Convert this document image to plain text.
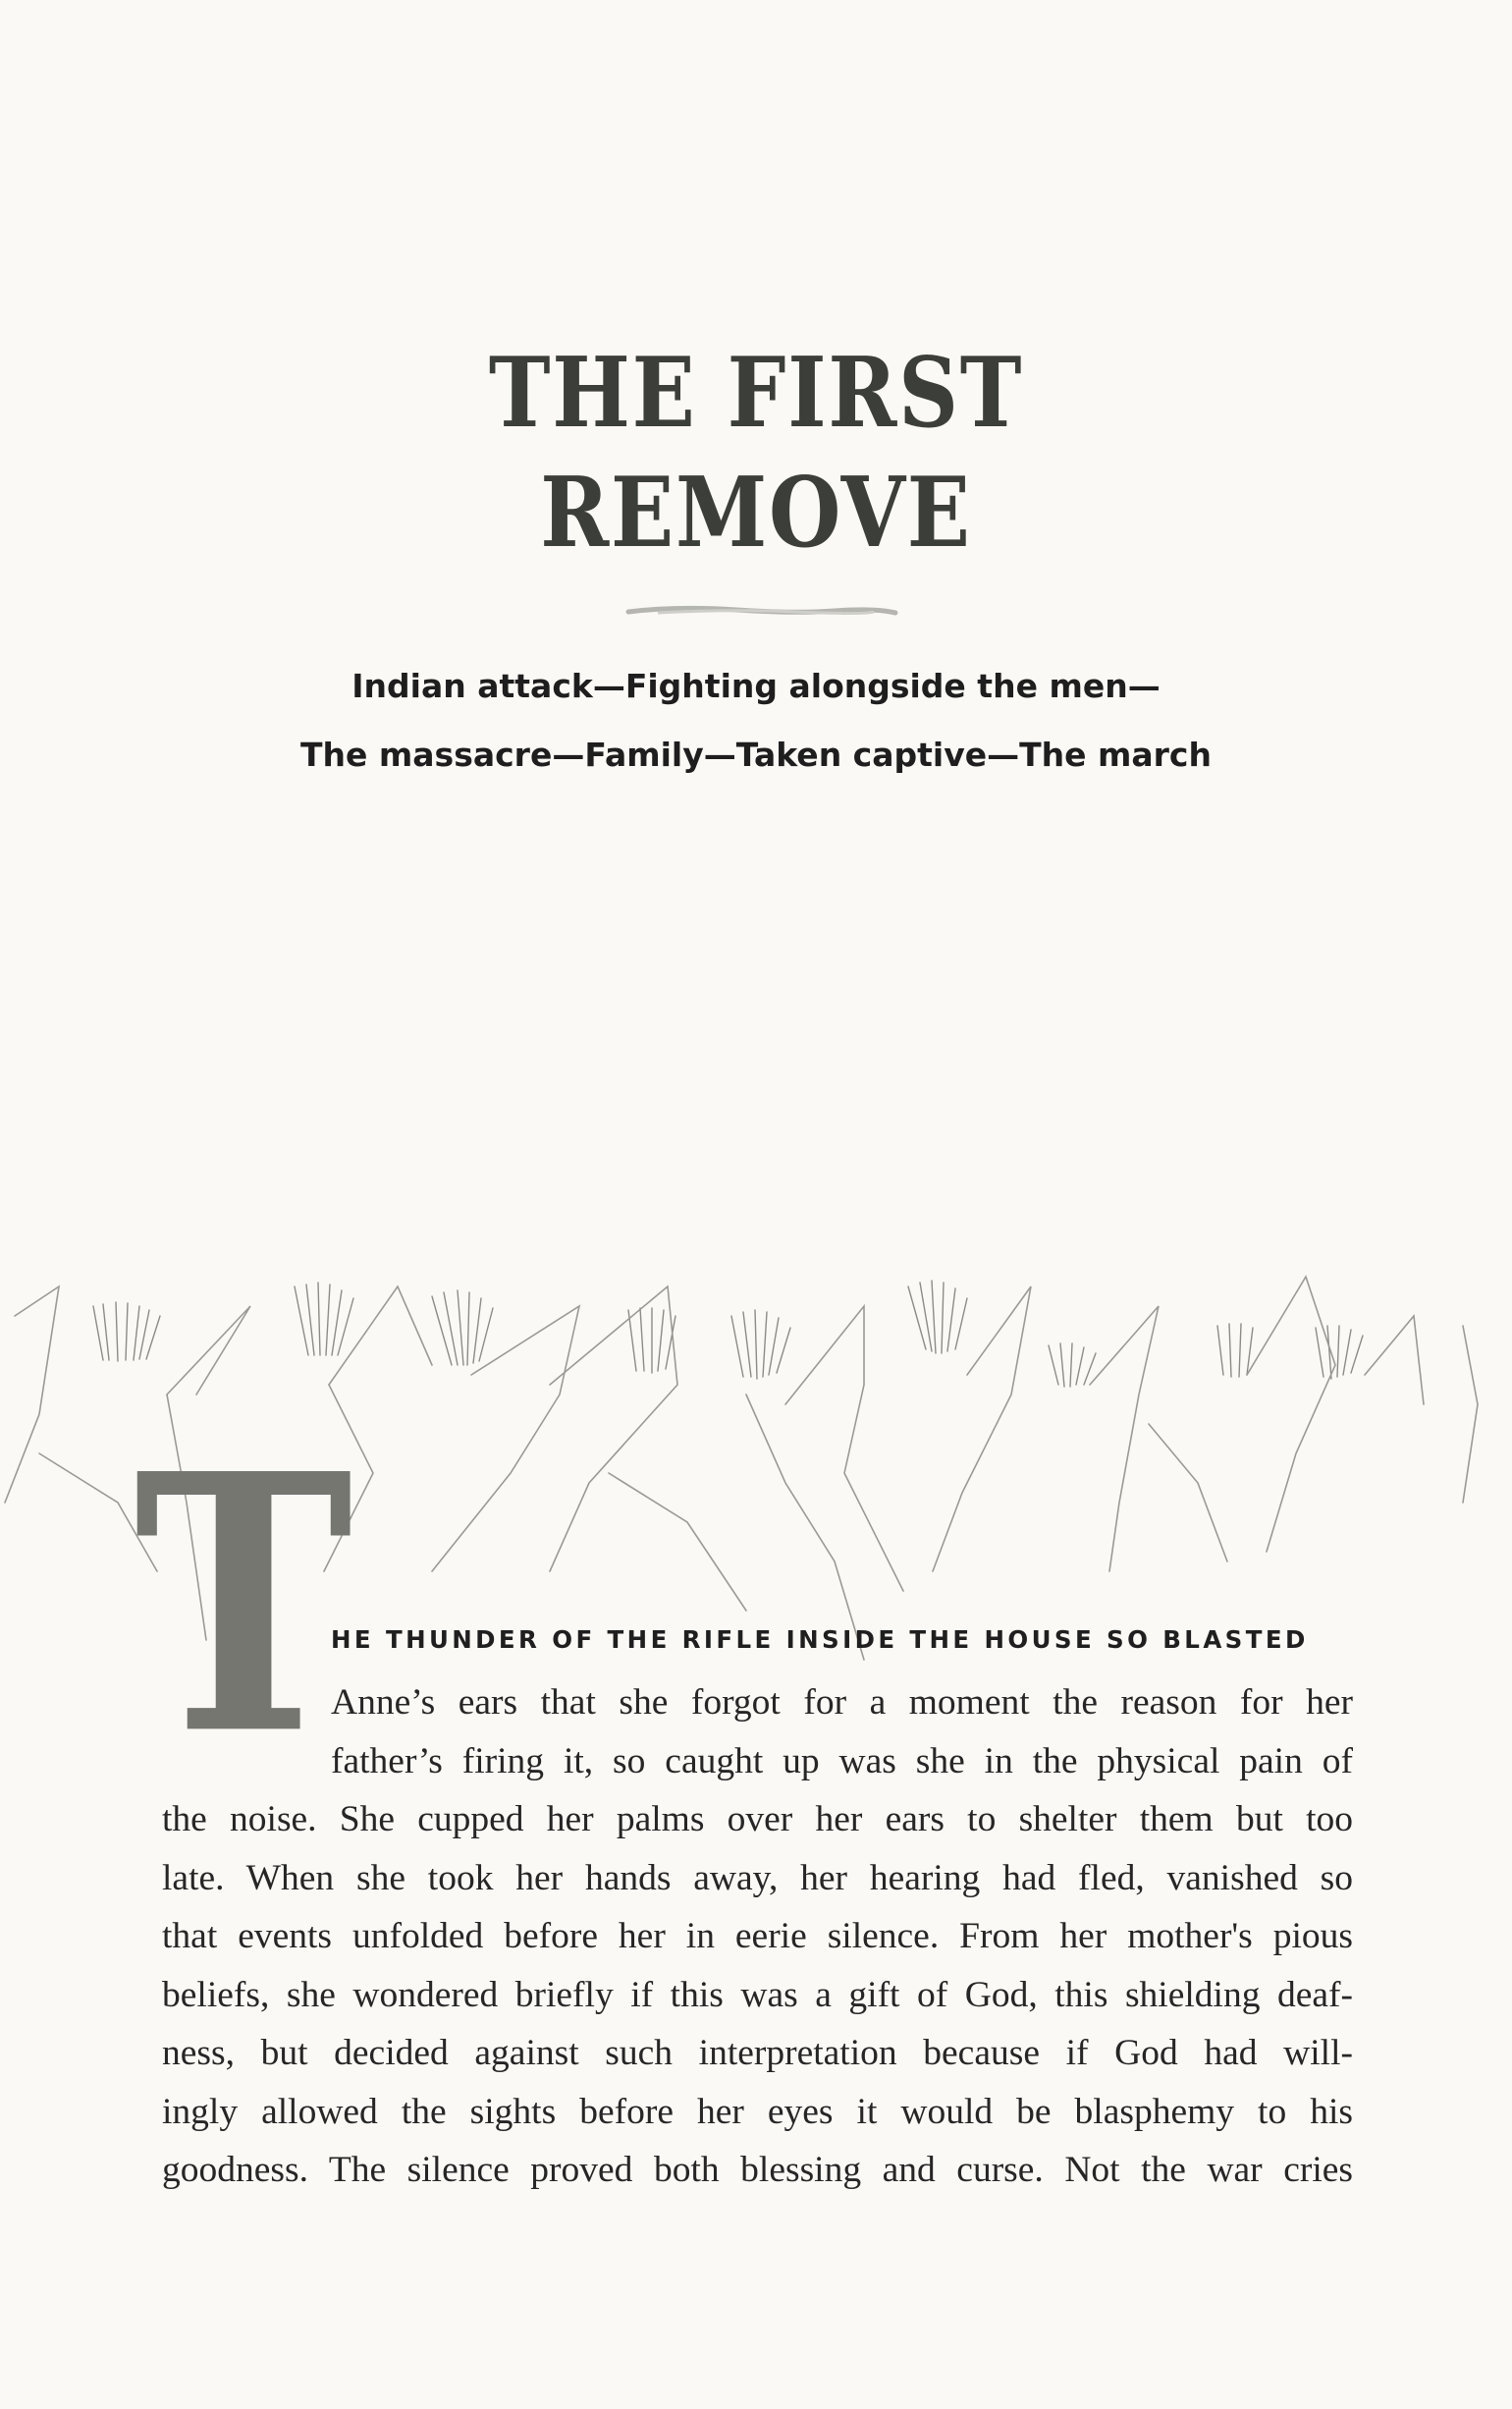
THE FIRST
REMOVE
Indian attack—Fighting alongside the men—
The massacre—Family—Taken captive—The march
T
HE THUNDER OF THE RIFLE INSIDE THE HOUSE SO BLASTED
Anne’s ears that she forgot for a moment the reason for her
father’s firing it, so caught up was she in the physical pain of
the noise. She cupped her palms over her ears to shelter them but too
late. When she took her hands away, her hearing had fled, vanished so
that events unfolded before her in eerie silence. From her mother's pious
beliefs, she wondered briefly if this was a gift of God, this shielding deaf-
ness, but decided against such interpretation because if God had will-
ingly allowed the sights before her eyes it would be blasphemy to his
goodness. The silence proved both blessing and curse. Not the war cries
